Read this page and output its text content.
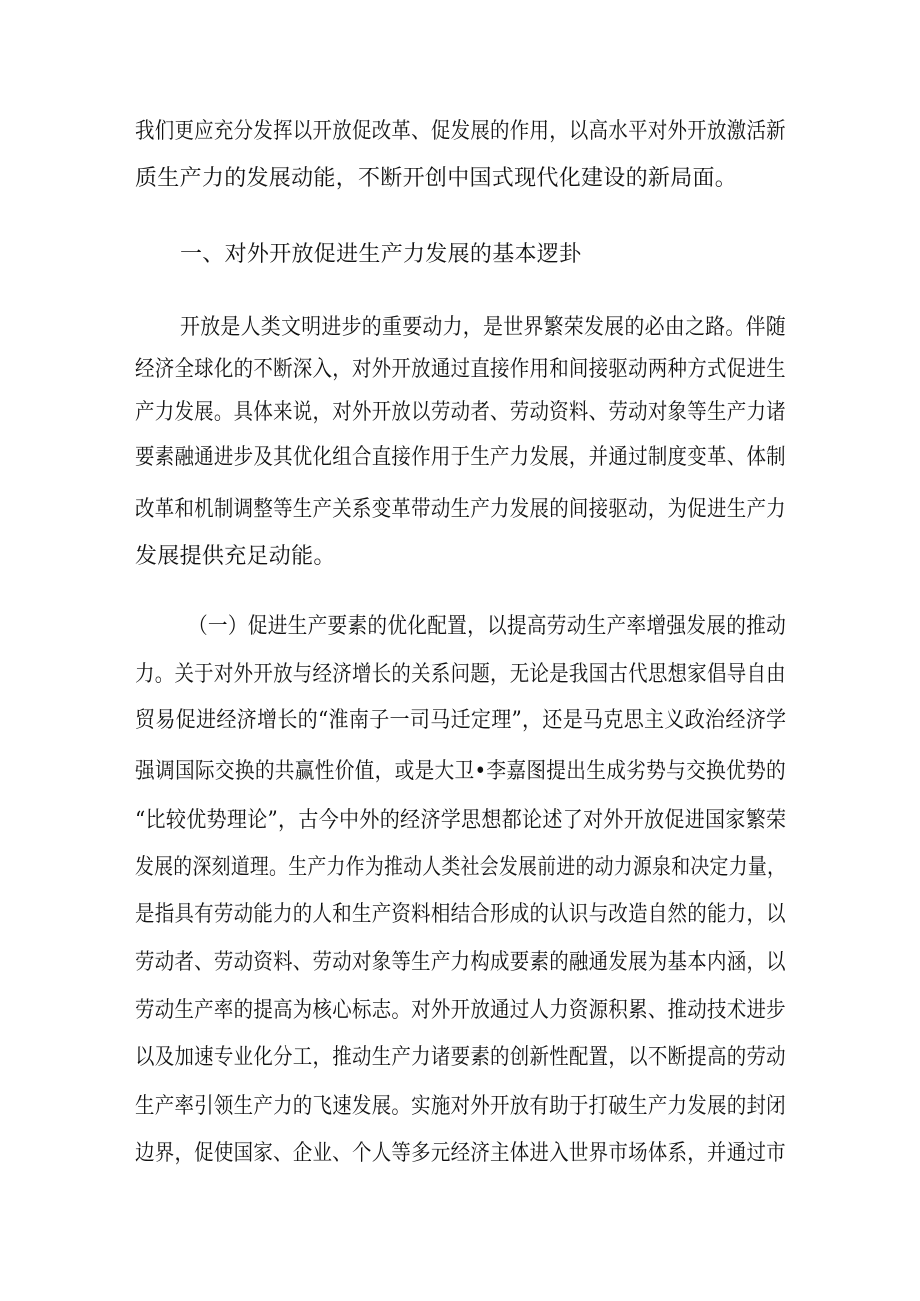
我们更应充分发挥以开放促改革、促发展的作用，以高水平对外开放激活新
质生产力的发展动能，不断开创中国式现代化建设的新局面。
一、对外开放促进生产力发展的基本逻卦
开放是人类文明进步的重要动力，是世界繁荣发展的必由之路。伴随
经济全球化的不断深入，对外开放通过直接作用和间接驱动两种方式促进生
产力发展。具体来说，对外开放以劳动者、劳动资料、劳动对象等生产力诸
要素融通进步及其优化组合直接作用于生产力发展，并通过制度变革、体制
改革和机制调整等生产关系变革带动生产力发展的间接驱动，为促进生产力
发展提供充足动能。
（一）促进生产要素的优化配置，以提高劳动生产率增强发展的推动
力。关于对外开放与经济增长的关系问题，无论是我国古代思想家倡导自由
贸易促进经济增长的“淮南子一司马迁定理”，还是马克思主义政治经济学
强调国际交换的共赢性价值，或是大卫•李嘉图提出生成劣势与交换优势的
“比较优势理论”，古今中外的经济学思想都论述了对外开放促进国家繁荣
发展的深刻道理。生产力作为推动人类社会发展前进的动力源泉和决定力量，
是指具有劳动能力的人和生产资料相结合形成的认识与改造自然的能力，以
劳动者、劳动资料、劳动对象等生产力构成要素的融通发展为基本内涵，以
劳动生产率的提高为核心标志。对外开放通过人力资源积累、推动技术进步
以及加速专业化分工，推动生产力诸要素的创新性配置，以不断提高的劳动
生产率引领生产力的飞速发展。实施对外开放有助于打破生产力发展的封闭
边界，促使国家、企业、个人等多元经济主体进入世界市场体系，并通过市
